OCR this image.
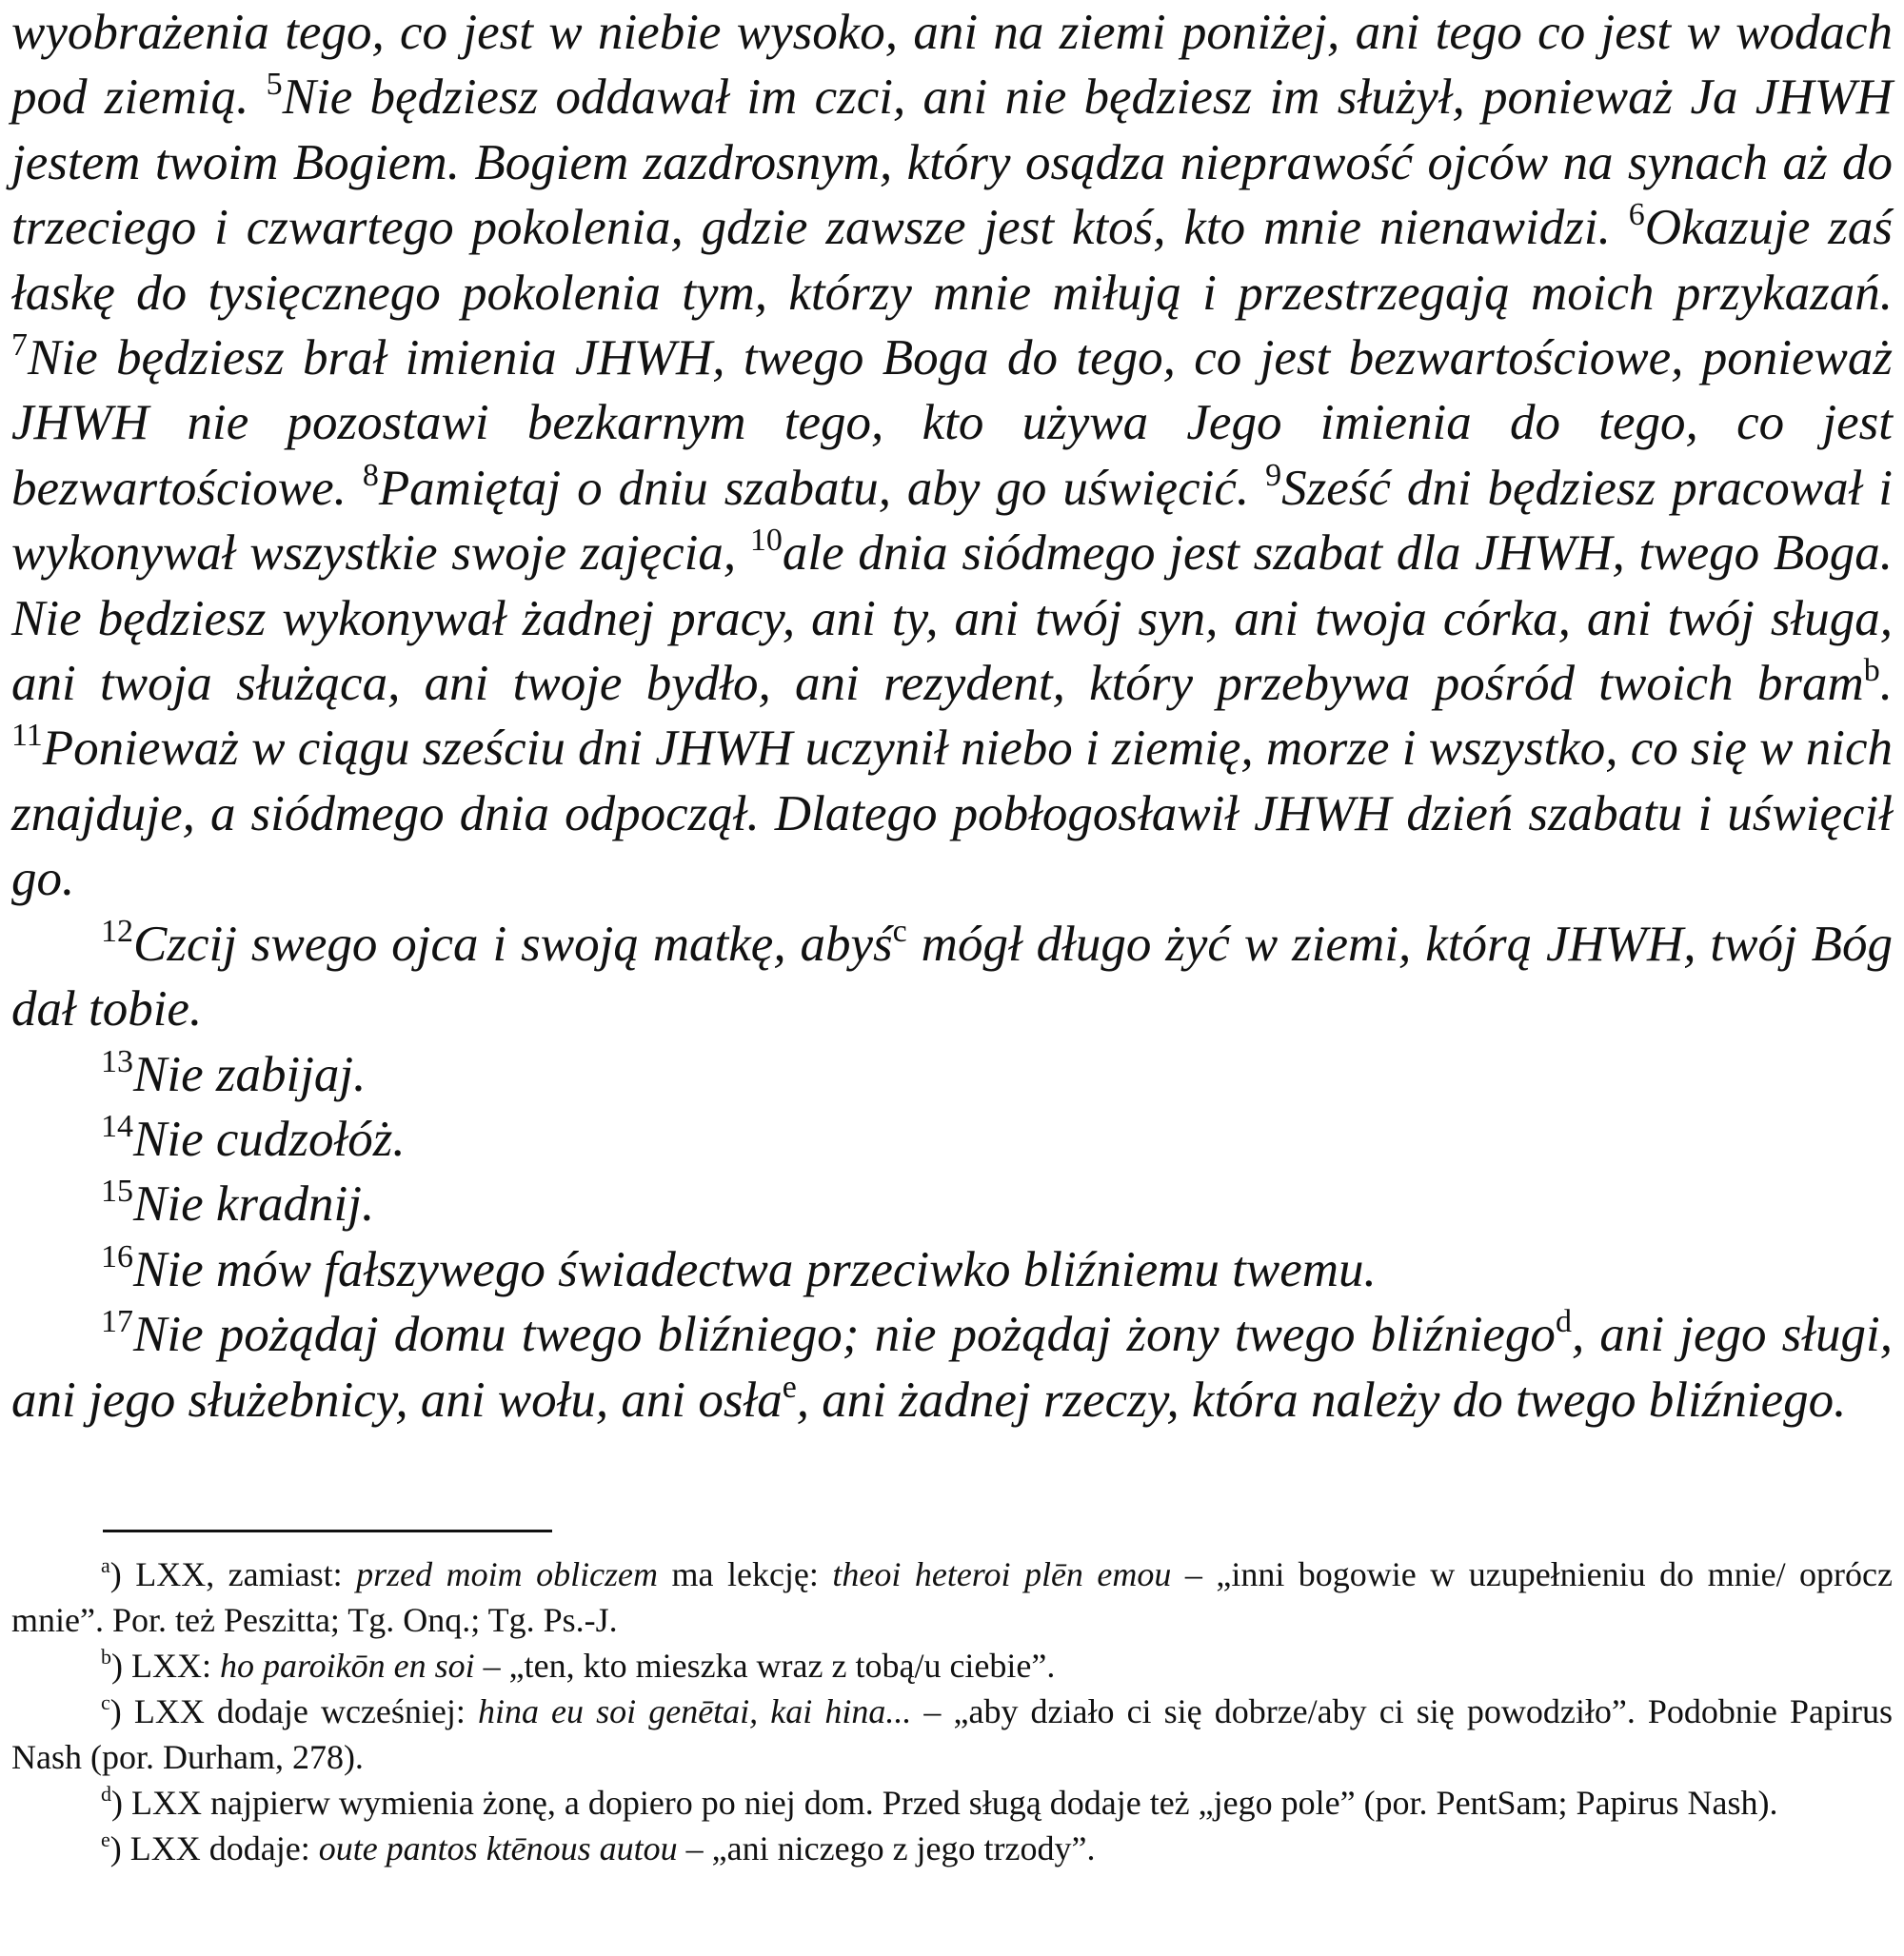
wyobrażenia tego, co jest w niebie wysoko, ani na ziemi poniżej, ani tego co jest w wodach pod ziemią. $^5$Nie będziesz oddawał im czci, ani nie będziesz im służył, ponieważ Ja JHWH jestem twoim Bogiem. Bogiem zazdrosnym, który osądza nieprawość ojców na synach aż do trzeciego i czwartego pokolenia, gdzie zawsze jest ktoś, kto mnie nienawidzi. $^6$Okazuje zaś łaskę do tysięcznego pokolenia tym, którzy mnie miłują i przestrzegają moich przykazań. $^7$Nie będziesz brał imienia JHWH, twego Boga do tego, co jest bezwartościowe, ponieważ JHWH nie pozostawi bezkarnym tego, kto używa Jego imienia do tego, co jest bezwartościowe. $^8$Pamiętaj o dniu szabatu, aby go uświęcić. $^9$Sześć dni będziesz pracował i wykonywał wszystkie swoje zajęcia, $^{10}$ale dnia siódmego jest szabat dla JHWH, twego Boga. Nie będziesz wykonywał żadnej pracy, ani ty, ani twój syn, ani twoja córka, ani twój sługa, ani twoja służąca, ani twoje bydło, ani rezydent, który przebywa pośród twoich bram$^b$. $^{11}$Ponieważ w ciągu sześciu dni JHWH uczynił niebo i ziemię, morze i wszystko, co się w nich znajduje, a siódmego dnia odpoczął. Dlatego pobłogosławił JHWH dzień szabatu i uświęcił go.

$^{12}$Czcij swego ojca i swoją matkę, abyś$^c$ mógł długo żyć w ziemi, którą JHWH, twój Bóg dał tobie.

$^{13}$Nie zabijaj.

$^{14}$Nie cudzołóż.

$^{15}$Nie kradnij.

$^{16}$Nie mów fałszywego świadectwa przeciwko bliźniemu twemu.

$^{17}$Nie pożądaj domu twego bliźniego; nie pożądaj żony twego bliźniego$^d$, ani jego sługi, ani jego służebnicy, ani wołu, ani osła$^e$, ani żadnej rzeczy, która należy do twego bliźniego.

$^a$) LXX, zamiast: przed moim obliczem ma lekcję: theoi heteroi plēn emou – „inni bogowie w uzupełnieniu do mnie/ oprócz mnie”. Por. też Peszitta; Tg. Onq.; Tg. Ps.-J.

$^b$) LXX: ho paroikōn en soi – „ten, kto mieszka wraz z tobą/u ciebie”.

$^c$) LXX dodaje wcześniej: hina eu soi genētai, kai hina... – „aby działo ci się dobrze/aby ci się powodziło”. Podobnie Papirus Nash (por. Durham, 278).

$^d$) LXX najpierw wymienia żonę, a dopiero po niej dom. Przed sługą dodaje też „jego pole” (por. PentSam; Papirus Nash).

$^e$) LXX dodaje: oute pantos ktēnous autou – „ani niczego z jego trzody”.
